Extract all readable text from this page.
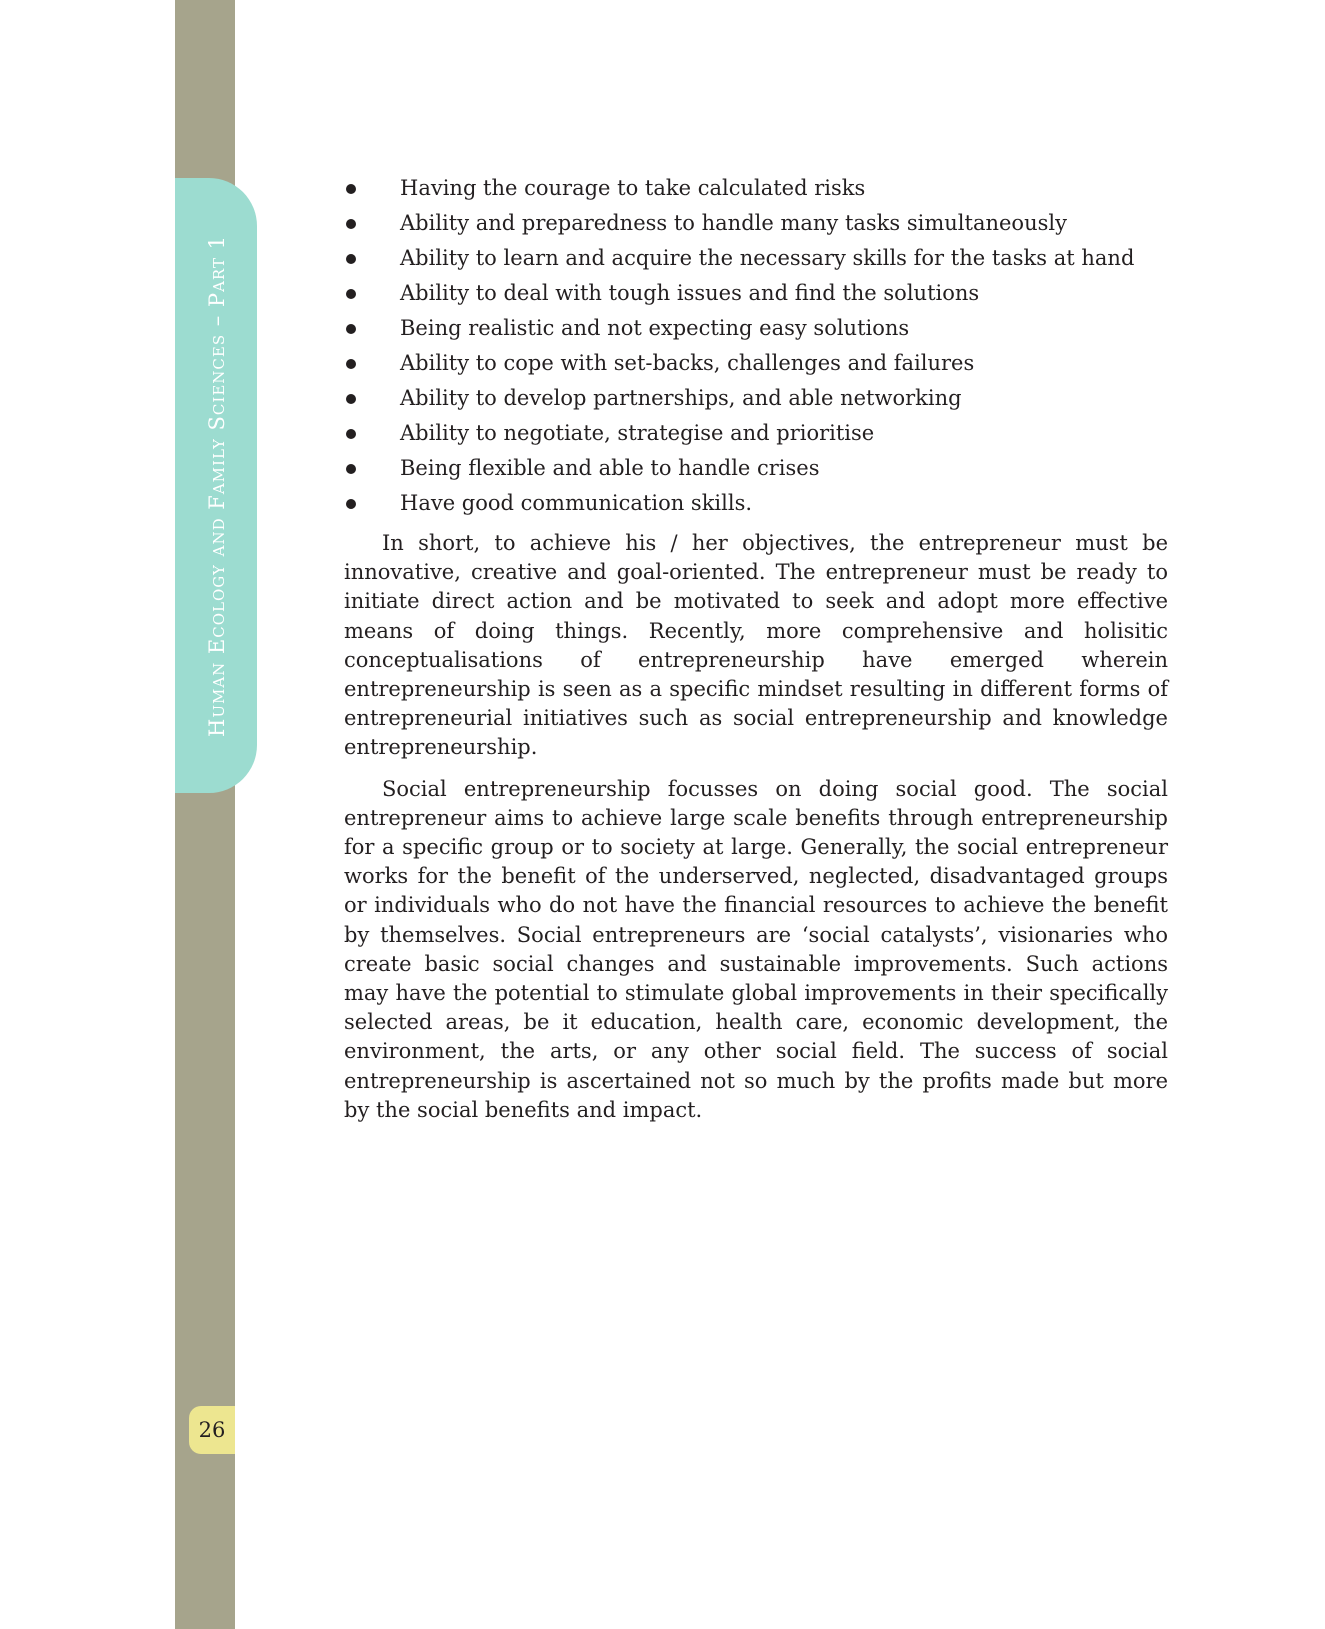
Human Ecology and Family Sciences – Part 1
26
Having the courage to take calculated risks
Ability and preparedness to handle many tasks simultaneously
Ability to learn and acquire the necessary skills for the tasks at hand
Ability to deal with tough issues and find the solutions
Being realistic and not expecting easy solutions
Ability to cope with set-backs, challenges and failures
Ability to develop partnerships, and able networking
Ability to negotiate, strategise and prioritise
Being flexible and able to handle crises
Have good communication skills.

In short, to achieve his / her objectives, the entrepreneur must be innovative, creative and goal-oriented. The entrepreneur must be ready to initiate direct action and be motivated to seek and adopt more effective means of doing things. Recently, more comprehensive and holisitic conceptualisations of entrepreneurship have emerged wherein entrepreneurship is seen as a specific mindset resulting in different forms of entrepreneurial initiatives such as social entrepreneurship and knowledge entrepreneurship.

Social entrepreneurship focusses on doing social good. The social entrepreneur aims to achieve large scale benefits through entrepreneurship for a specific group or to society at large. Generally, the social entrepreneur works for the benefit of the underserved, neglected, disadvantaged groups or individuals who do not have the financial resources to achieve the benefit by themselves. Social entrepreneurs are ‘social catalysts’, visionaries who create basic social changes and sustainable improvements. Such actions may have the potential to stimulate global improvements in their specifically selected areas, be it education, health care, economic development, the environment, the arts, or any other social field. The success of social entrepreneurship is ascertained not so much by the profits made but more by the social benefits and impact.
